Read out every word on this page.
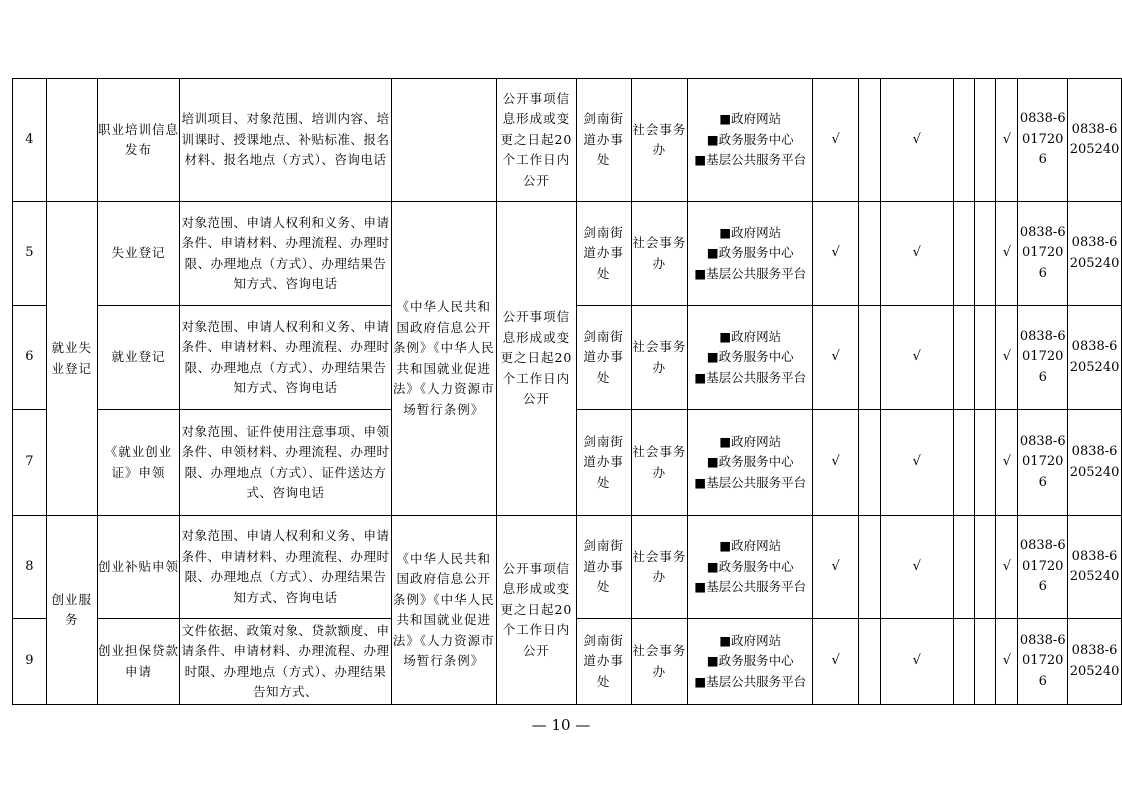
4		职业培训信息发布	培训项目、对象范围、培训内容、培训课时、授课地点、补贴标准、报名材料、报名地点（方式）、咨询电话		公开事项信息形成或变更之日起20个工作日内公开	剑南街道办事处	社会事务办	■政府网站
■政务服务中心
■基层公共服务平台	√		√			√	0838-6017206	0838-6205240
5	就业失业登记	失业登记	对象范围、申请人权利和义务、申请条件、申请材料、办理流程、办理时限、办理地点（方式）、办理结果告知方式、咨询电话	《中华人民共和国政府信息公开条例》《中华人民共和国就业促进法》《人力资源市场暂行条例》	公开事项信息形成或变更之日起20个工作日内公开	剑南街道办事处	社会事务办	■政府网站
■政务服务中心
■基层公共服务平台	√		√			√	0838-6017206	0838-6205240
6		就业登记	对象范围、申请人权利和义务、申请条件、申请材料、办理流程、办理时限、办理地点（方式）、办理结果告知方式、咨询电话			剑南街道办事处	社会事务办	■政府网站
■政务服务中心
■基层公共服务平台	√		√			√	0838-6017206	0838-6205240
7		《就业创业证》申领	对象范围、证件使用注意事项、申领条件、申领材料、办理流程、办理时限、办理地点（方式）、证件送达方式、咨询电话			剑南街道办事处	社会事务办	■政府网站
■政务服务中心
■基层公共服务平台	√		√			√	0838-6017206	0838-6205240
8	创业服务	创业补贴申领	对象范围、申请人权利和义务、申请条件、申请材料、办理流程、办理时限、办理地点（方式）、办理结果告知方式、咨询电话	《中华人民共和国政府信息公开条例》《中华人民共和国就业促进法》《人力资源市场暂行条例》	公开事项信息形成或变更之日起20个工作日内公开	剑南街道办事处	社会事务办	■政府网站
■政务服务中心
■基层公共服务平台	√		√			√	0838-6017206	0838-6205240
9		创业担保贷款申请	文件依据、政策对象、贷款额度、申请条件、申请材料、办理流程、办理时限、办理地点（方式）、办理结果告知方式、			剑南街道办事处	社会事务办	■政府网站
■政务服务中心
■基层公共服务平台	√		√			√	0838-6017206	0838-6205240
— 10 —
